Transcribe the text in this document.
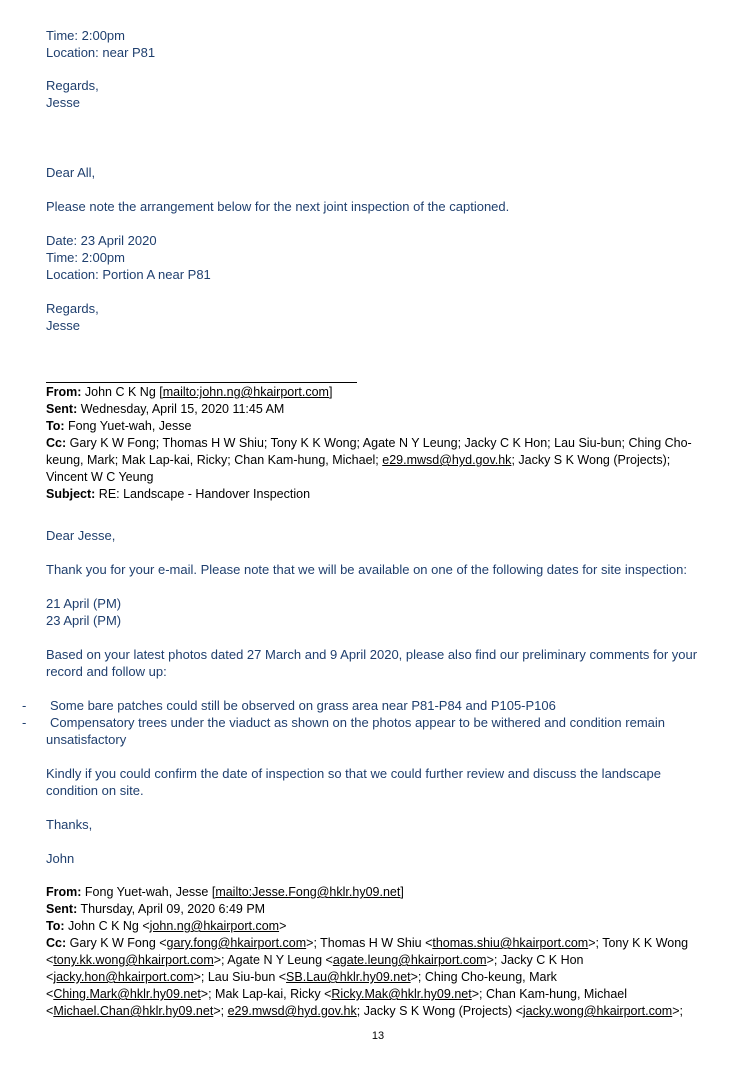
Time: 2:00pm
Location: near P81
Regards,
Jesse
Dear All,
Please note the arrangement below for the next joint inspection of the captioned.
Date: 23 April 2020
Time: 2:00pm
Location: Portion A near P81
Regards,
Jesse
From: John C K Ng [mailto:john.ng@hkairport.com]
Sent: Wednesday, April 15, 2020 11:45 AM
To: Fong Yuet-wah, Jesse
Cc: Gary K W Fong; Thomas H W Shiu; Tony K K Wong; Agate N Y Leung; Jacky C K Hon; Lau Siu-bun; Ching Cho-
keung, Mark; Mak Lap-kai, Ricky; Chan Kam-hung, Michael; e29.mwsd@hyd.gov.hk; Jacky S K Wong (Projects);
Vincent W C Yeung
Subject: RE: Landscape - Handover Inspection
Dear Jesse,
Thank you for your e-mail. Please note that we will be available on one of the following dates for site inspection:
21 April (PM)
23 April (PM)
Based on your latest photos dated 27 March and 9 April 2020, please also find our preliminary comments for your
record and follow up:
- Some bare patches could still be observed on grass area near P81-P84 and P105-P106
- Compensatory trees under the viaduct as shown on the photos appear to be withered and condition remain
unsatisfactory
Kindly if you could confirm the date of inspection so that we could further review and discuss the landscape
condition on site.
Thanks,
John
From: Fong Yuet-wah, Jesse [mailto:Jesse.Fong@hklr.hy09.net]
Sent: Thursday, April 09, 2020 6:49 PM
To: John C K Ng <john.ng@hkairport.com>
Cc: Gary K W Fong <gary.fong@hkairport.com>; Thomas H W Shiu <thomas.shiu@hkairport.com>; Tony K K Wong
<tony.kk.wong@hkairport.com>; Agate N Y Leung <agate.leung@hkairport.com>; Jacky C K Hon
<jacky.hon@hkairport.com>; Lau Siu-bun <SB.Lau@hklr.hy09.net>; Ching Cho-keung, Mark
<Ching.Mark@hklr.hy09.net>; Mak Lap-kai, Ricky <Ricky.Mak@hklr.hy09.net>; Chan Kam-hung, Michael
<Michael.Chan@hklr.hy09.net>; e29.mwsd@hyd.gov.hk; Jacky S K Wong (Projects) <jacky.wong@hkairport.com>;
13
